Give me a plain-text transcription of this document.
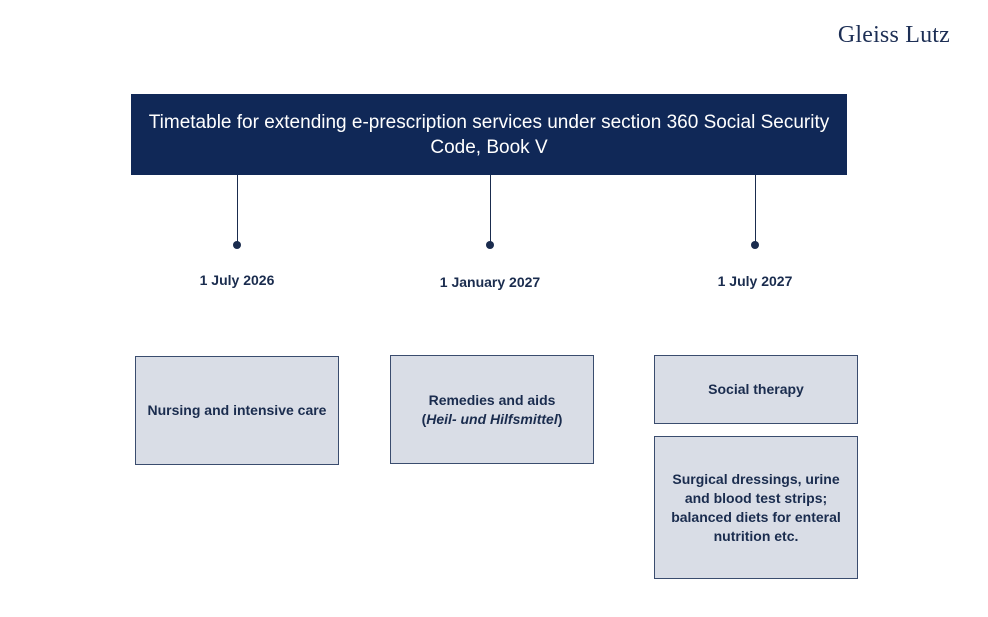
Gleiss Lutz
Timetable for extending e-prescription services under section 360 Social Security Code, Book V
1 July 2026	1 January 2027	1 July 2027
Nursing and intensive care
Remedies and aids
(Heil- und Hilfsmittel)
Social therapy
Surgical dressings, urine and blood test strips; balanced diets for enteral nutrition etc.
